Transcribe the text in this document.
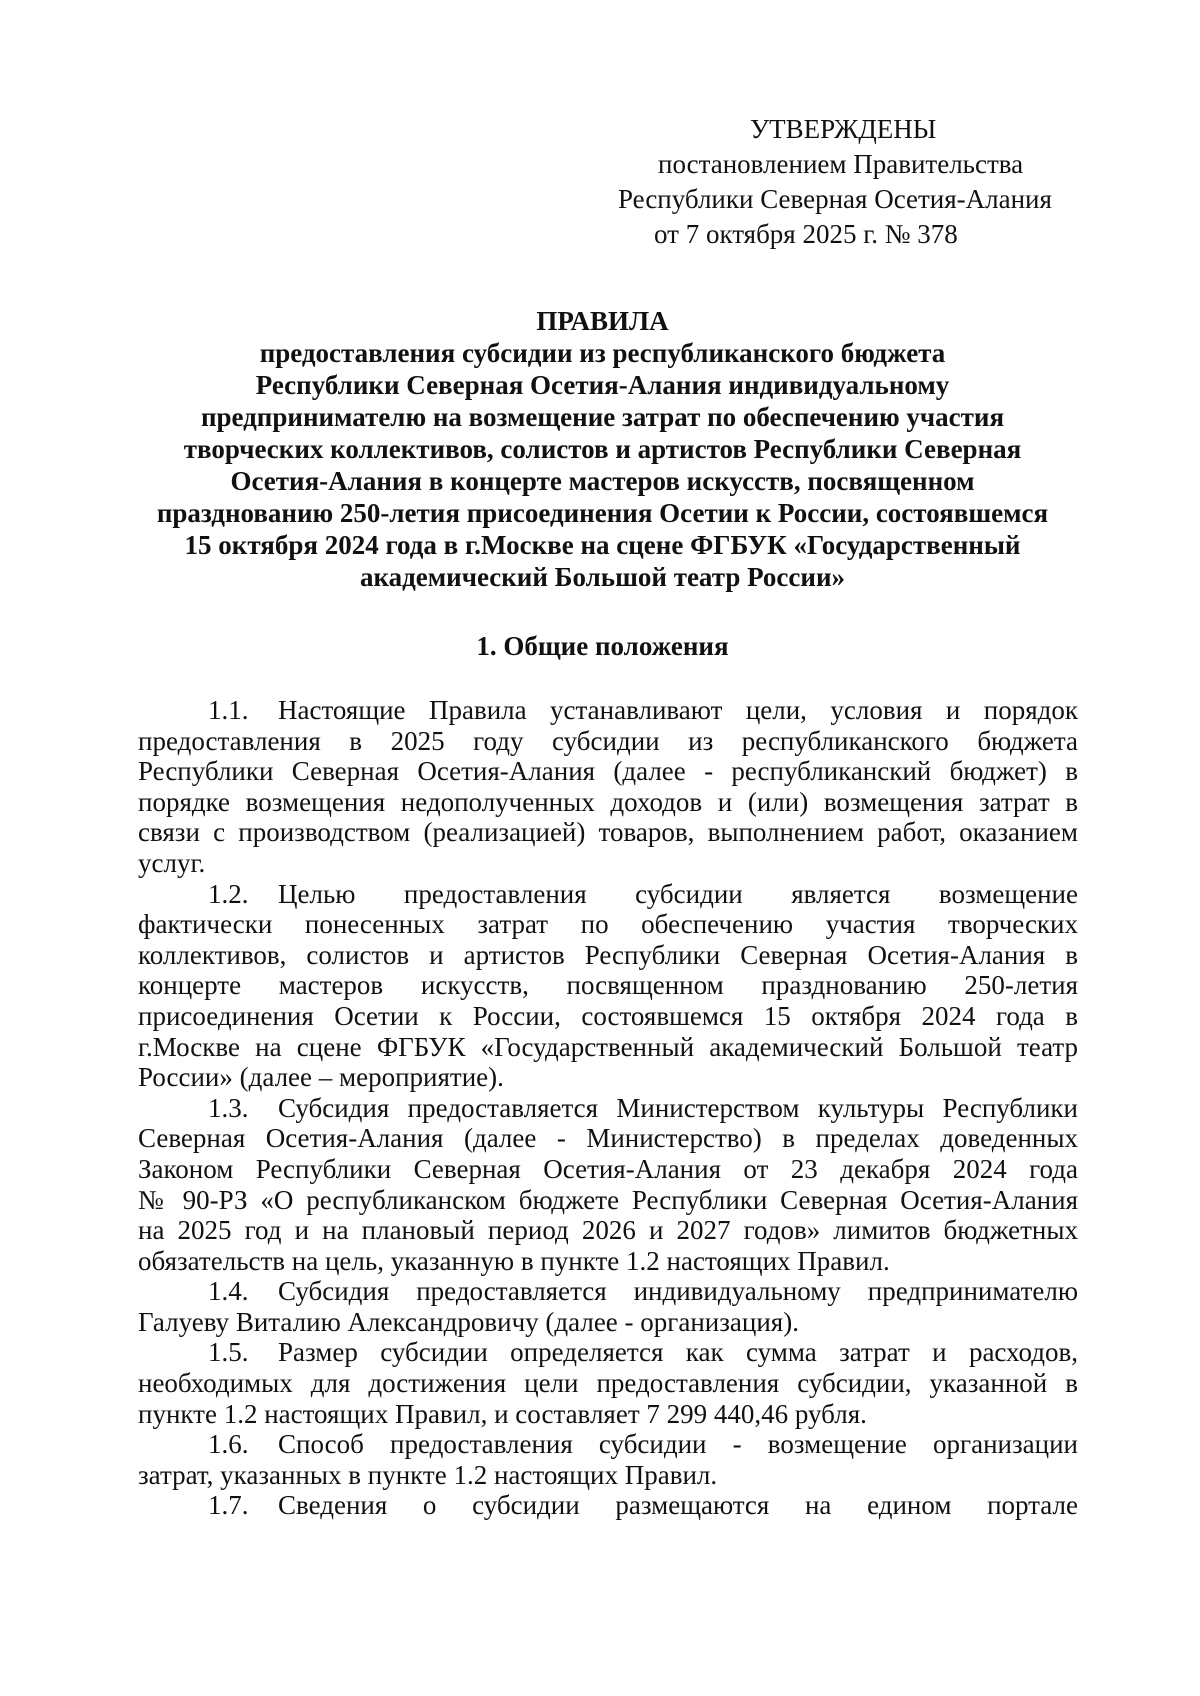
УТВЕРЖДЕНЫ
постановлением Правительства
Республики Северная Осетия-Алания
от 7 октября 2025 г. № 378
ПРАВИЛА
предоставления субсидии из республиканского бюджета
Республики Северная Осетия-Алания индивидуальному
предпринимателю на возмещение затрат по обеспечению участия
творческих коллективов, солистов и артистов Республики Северная
Осетия-Алания в концерте мастеров искусств, посвященном
празднованию 250-летия присоединения Осетии к России, состоявшемся
15 октября 2024 года в г.Москве на сцене ФГБУК «Государственный
академический Большой театр России»
1. Общие положения
1.1. Настоящие Правила устанавливают цели, условия и порядок
предоставления в 2025 году субсидии из республиканского бюджета
Республики Северная Осетия-Алания (далее - республиканский бюджет) в
порядке возмещения недополученных доходов и (или) возмещения затрат в
связи с производством (реализацией) товаров, выполнением работ, оказанием
услуг.
1.2. Целью предоставления субсидии является возмещение
фактически понесенных затрат по обеспечению участия творческих
коллективов, солистов и артистов Республики Северная Осетия-Алания в
концерте мастеров искусств, посвященном празднованию 250-летия
присоединения Осетии к России, состоявшемся 15 октября 2024 года в
г.Москве на сцене ФГБУК «Государственный академический Большой театр
России» (далее – мероприятие).
1.3. Субсидия предоставляется Министерством культуры Республики
Северная Осетия-Алания (далее - Министерство) в пределах доведенных
Законом Республики Северная Осетия-Алания от 23 декабря 2024 года
№ 90-РЗ «О республиканском бюджете Республики Северная Осетия-Алания
на 2025 год и на плановый период 2026 и 2027 годов» лимитов бюджетных
обязательств на цель, указанную в пункте 1.2 настоящих Правил.
1.4. Субсидия предоставляется индивидуальному предпринимателю
Галуеву Виталию Александровичу (далее - организация).
1.5. Размер субсидии определяется как сумма затрат и расходов,
необходимых для достижения цели предоставления субсидии, указанной в
пункте 1.2 настоящих Правил, и составляет 7 299 440,46 рубля.
1.6. Способ предоставления субсидии - возмещение организации
затрат, указанных в пункте 1.2 настоящих Правил.
1.7. Сведения о субсидии размещаются на едином портале
